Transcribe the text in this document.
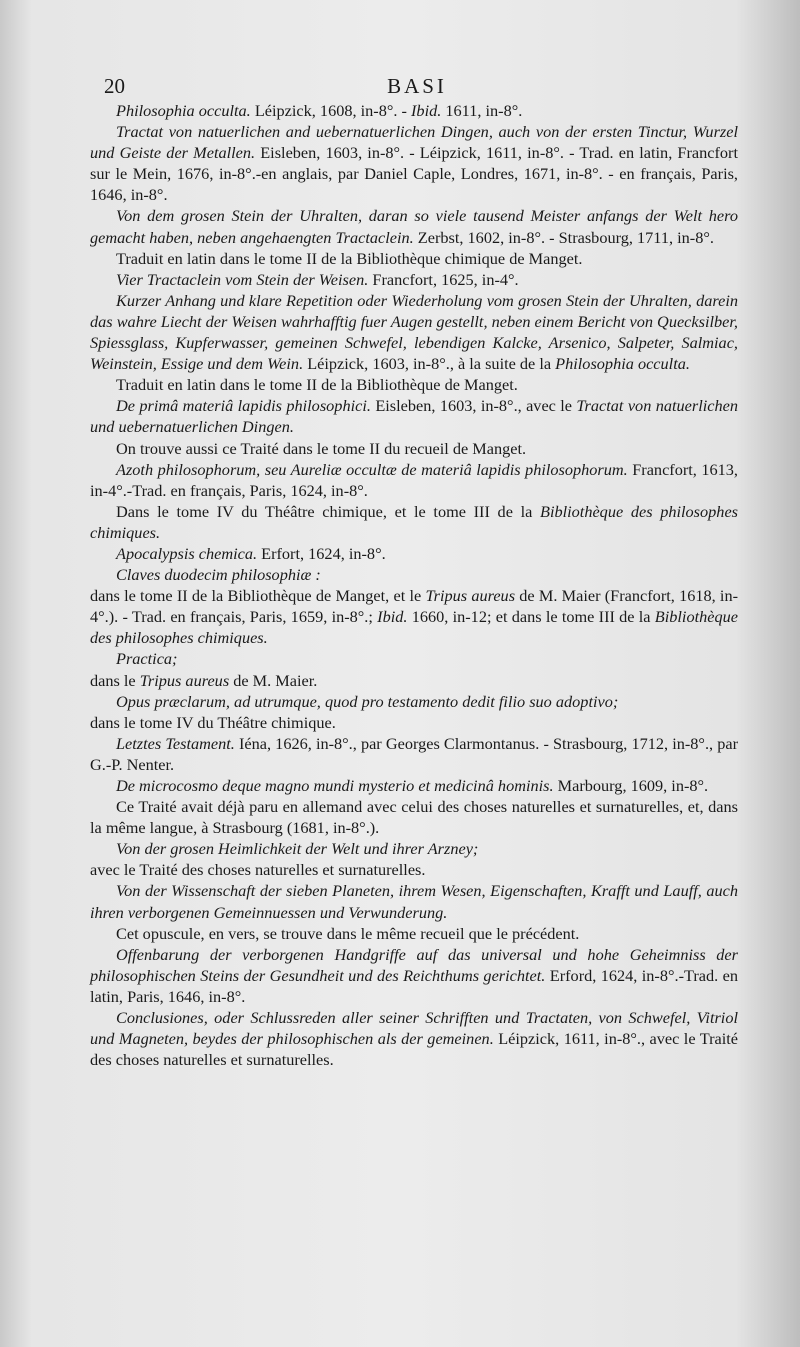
20	BASI

Philosophia occulta. Léipzick, 1608, in-8°. - Ibid. 1611, in-8°.

Tractat von natuerlichen and uebernatuerlichen Dingen, auch von der ersten Tinctur, Wurzel und Geiste der Metallen. Eisleben, 1603, in-8°. - Léipzick, 1611, in-8°. - Trad. en latin, Francfort sur le Mein, 1676, in-8°.-en anglais, par Daniel Caple, Londres, 1671, in-8°. - en français, Paris, 1646, in-8°.

Von dem grosen Stein der Uhralten, daran so viele tausend Meister anfangs der Welt hero gemacht haben, neben angehaengten Tractaclein. Zerbst, 1602, in-8°. - Strasbourg, 1711, in-8°.

Traduit en latin dans le tome II de la Bibliothèque chimique de Manget.

Vier Tractaclein vom Stein der Weisen. Francfort, 1625, in-4°.

Kurzer Anhang und klare Repetition oder Wiederholung vom grosen Stein der Uhralten, darein das wahre Liecht der Weisen wahrhafftig fuer Augen gestellt, neben einem Bericht von Quecksilber, Spiessglass, Kupferwasser, gemeinen Schwefel, lebendigen Kalcke, Arsenico, Salpeter, Salmiac, Weinstein, Essige und dem Wein. Léipzick, 1603, in-8°., à la suite de la Philosophia occulta.

Traduit en latin dans le tome II de la Bibliothèque de Manget.

De primâ materiâ lapidis philosophici. Eisleben, 1603, in-8°., avec le Tractat von natuerlichen und uebernatuerlichen Dingen.

On trouve aussi ce Traité dans le tome II du recueil de Manget.

Azoth philosophorum, seu Aureliæ occultæ de materiâ lapidis philosophorum. Francfort, 1613, in-4°.-Trad. en français, Paris, 1624, in-8°.

Dans le tome IV du Théâtre chimique, et le tome III de la Bibliothèque des philosophes chimiques.

Apocalypsis chemica. Erfort, 1624, in-8°.

Claves duodecim philosophiæ :

dans le tome II de la Bibliothèque de Manget, et le Tripus aureus de M. Maier (Francfort, 1618, in-4°.). - Trad. en français, Paris, 1659, in-8°.; Ibid. 1660, in-12; et dans le tome III de la Bibliothèque des philosophes chimiques.

Practica;

dans le Tripus aureus de M. Maier.

Opus præclarum, ad utrumque, quod pro testamento dedit filio suo adoptivo;

dans le tome IV du Théâtre chimique.

Letztes Testament. Iéna, 1626, in-8°., par Georges Clarmontanus. - Strasbourg, 1712, in-8°., par G.-P. Nenter.

De microcosmo deque magno mundi mysterio et medicinâ hominis. Marbourg, 1609, in-8°.

Ce Traité avait déjà paru en allemand avec celui des choses naturelles et surnaturelles, et, dans la même langue, à Strasbourg (1681, in-8°.).

Von der grosen Heimlichkeit der Welt und ihrer Arzney;

avec le Traité des choses naturelles et surnaturelles.

Von der Wissenschaft der sieben Planeten, ihrem Wesen, Eigenschaften, Krafft und Lauff, auch ihren verborgenen Gemeinnuessen und Verwunderung.

Cet opuscule, en vers, se trouve dans le même recueil que le précédent.

Offenbarung der verborgenen Handgriffe auf das universal und hohe Geheimniss der philosophischen Steins der Gesundheit und des Reichthums gerichtet. Erford, 1624, in-8°.-Trad. en latin, Paris, 1646, in-8°.

Conclusiones, oder Schlussreden aller seiner Schrifften und Tractaten, von Schwefel, Vitriol und Magneten, beydes der philosophischen als der gemeinen. Léipzick, 1611, in-8°., avec le Traité des choses naturelles et surnaturelles.
